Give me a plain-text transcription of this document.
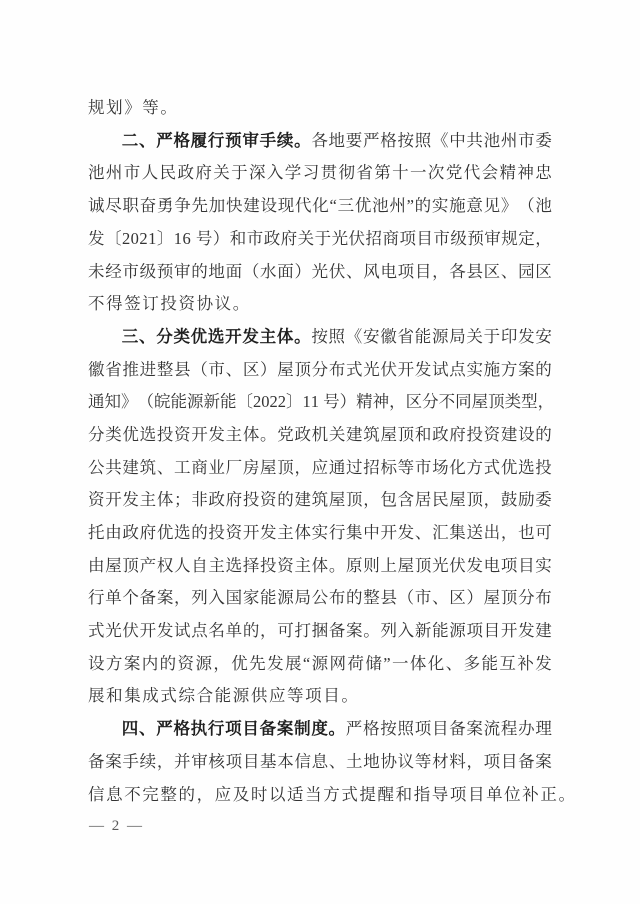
规 划 》 等 。
二 、 严 格 履 行 预 审 手 续 。 各 地 要 严 格 按 照 《 中 共 池 州 市 委
池 州 市 人 民 政 府 关 于 深 入 学 习 贯 彻 省 第 十 一 次 党 代 会 精 神 忠
诚 尽 职 奋 勇 争 先 加 快 建 设 现 代 化 “ 三 优 池 州 ” 的 实 施 意 见 》 （ 池
发 〔 2 0 2 1 〕 1 6
号 ） 和 市 政 府 关 于 光 伏 招 商 项 目 市 级 预 审 规 定 ，
未 经 市 级 预 审 的 地 面 （ 水 面 ） 光 伏 、 风 电 项 目 ， 各 县 区 、 园 区
不 得 签 订 投 资 协 议 。
三 、 分 类 优 选 开 发 主 体 。 按 照 《 安 徽 省 能 源 局 关 于 印 发 安
徽 省 推 进 整 县 （ 市 、 区 ） 屋 顶 分 布 式 光 伏 开 发 试 点 实 施 方 案 的
通 知 》 （ 皖 能 源 新 能 〔 2 0 2 2 〕 1 1
号 ） 精 神 ， 区 分 不 同 屋 顶 类 型 ，
分 类 优 选 投 资 开 发 主 体 。 党 政 机 关 建 筑 屋 顶 和 政 府 投 资 建 设 的
公 共 建 筑 、 工 商 业 厂 房 屋 顶 ， 应 通 过 招 标 等 市 场 化 方 式 优 选 投
资 开 发 主 体 ； 非 政 府 投 资 的 建 筑 屋 顶 ， 包 含 居 民 屋 顶 ， 鼓 励 委
托 由 政 府 优 选 的 投 资 开 发 主 体 实 行 集 中 开 发 、 汇 集 送 出 ， 也 可
由 屋 顶 产 权 人 自 主 选 择 投 资 主 体 。 原 则 上 屋 顶 光 伏 发 电 项 目 实
行 单 个 备 案 ， 列 入 国 家 能 源 局 公 布 的 整 县 （ 市 、 区 ） 屋 顶 分 布
式 光 伏 开 发 试 点 名 单 的 ， 可 打 捆 备 案 。 列 入 新 能 源 项 目 开 发 建
设 方 案 内 的 资 源 ， 优 先 发 展 “ 源 网 荷 储 ” 一 体 化 、 多 能 互 补 发
展 和 集 成 式 综 合 能 源 供 应 等 项 目 。
四 、 严 格 执 行 项 目 备 案 制 度 。 严 格 按 照 项 目 备 案 流 程 办 理
备 案 手 续 ， 并 审 核 项 目 基 本 信 息 、 土 地 协 议 等 材 料 ， 项 目 备 案
信 息 不 完 整 的 ， 应 及 时 以 适 当 方 式 提 醒 和 指 导 项 目 单 位 补 正 。
— 2 —
